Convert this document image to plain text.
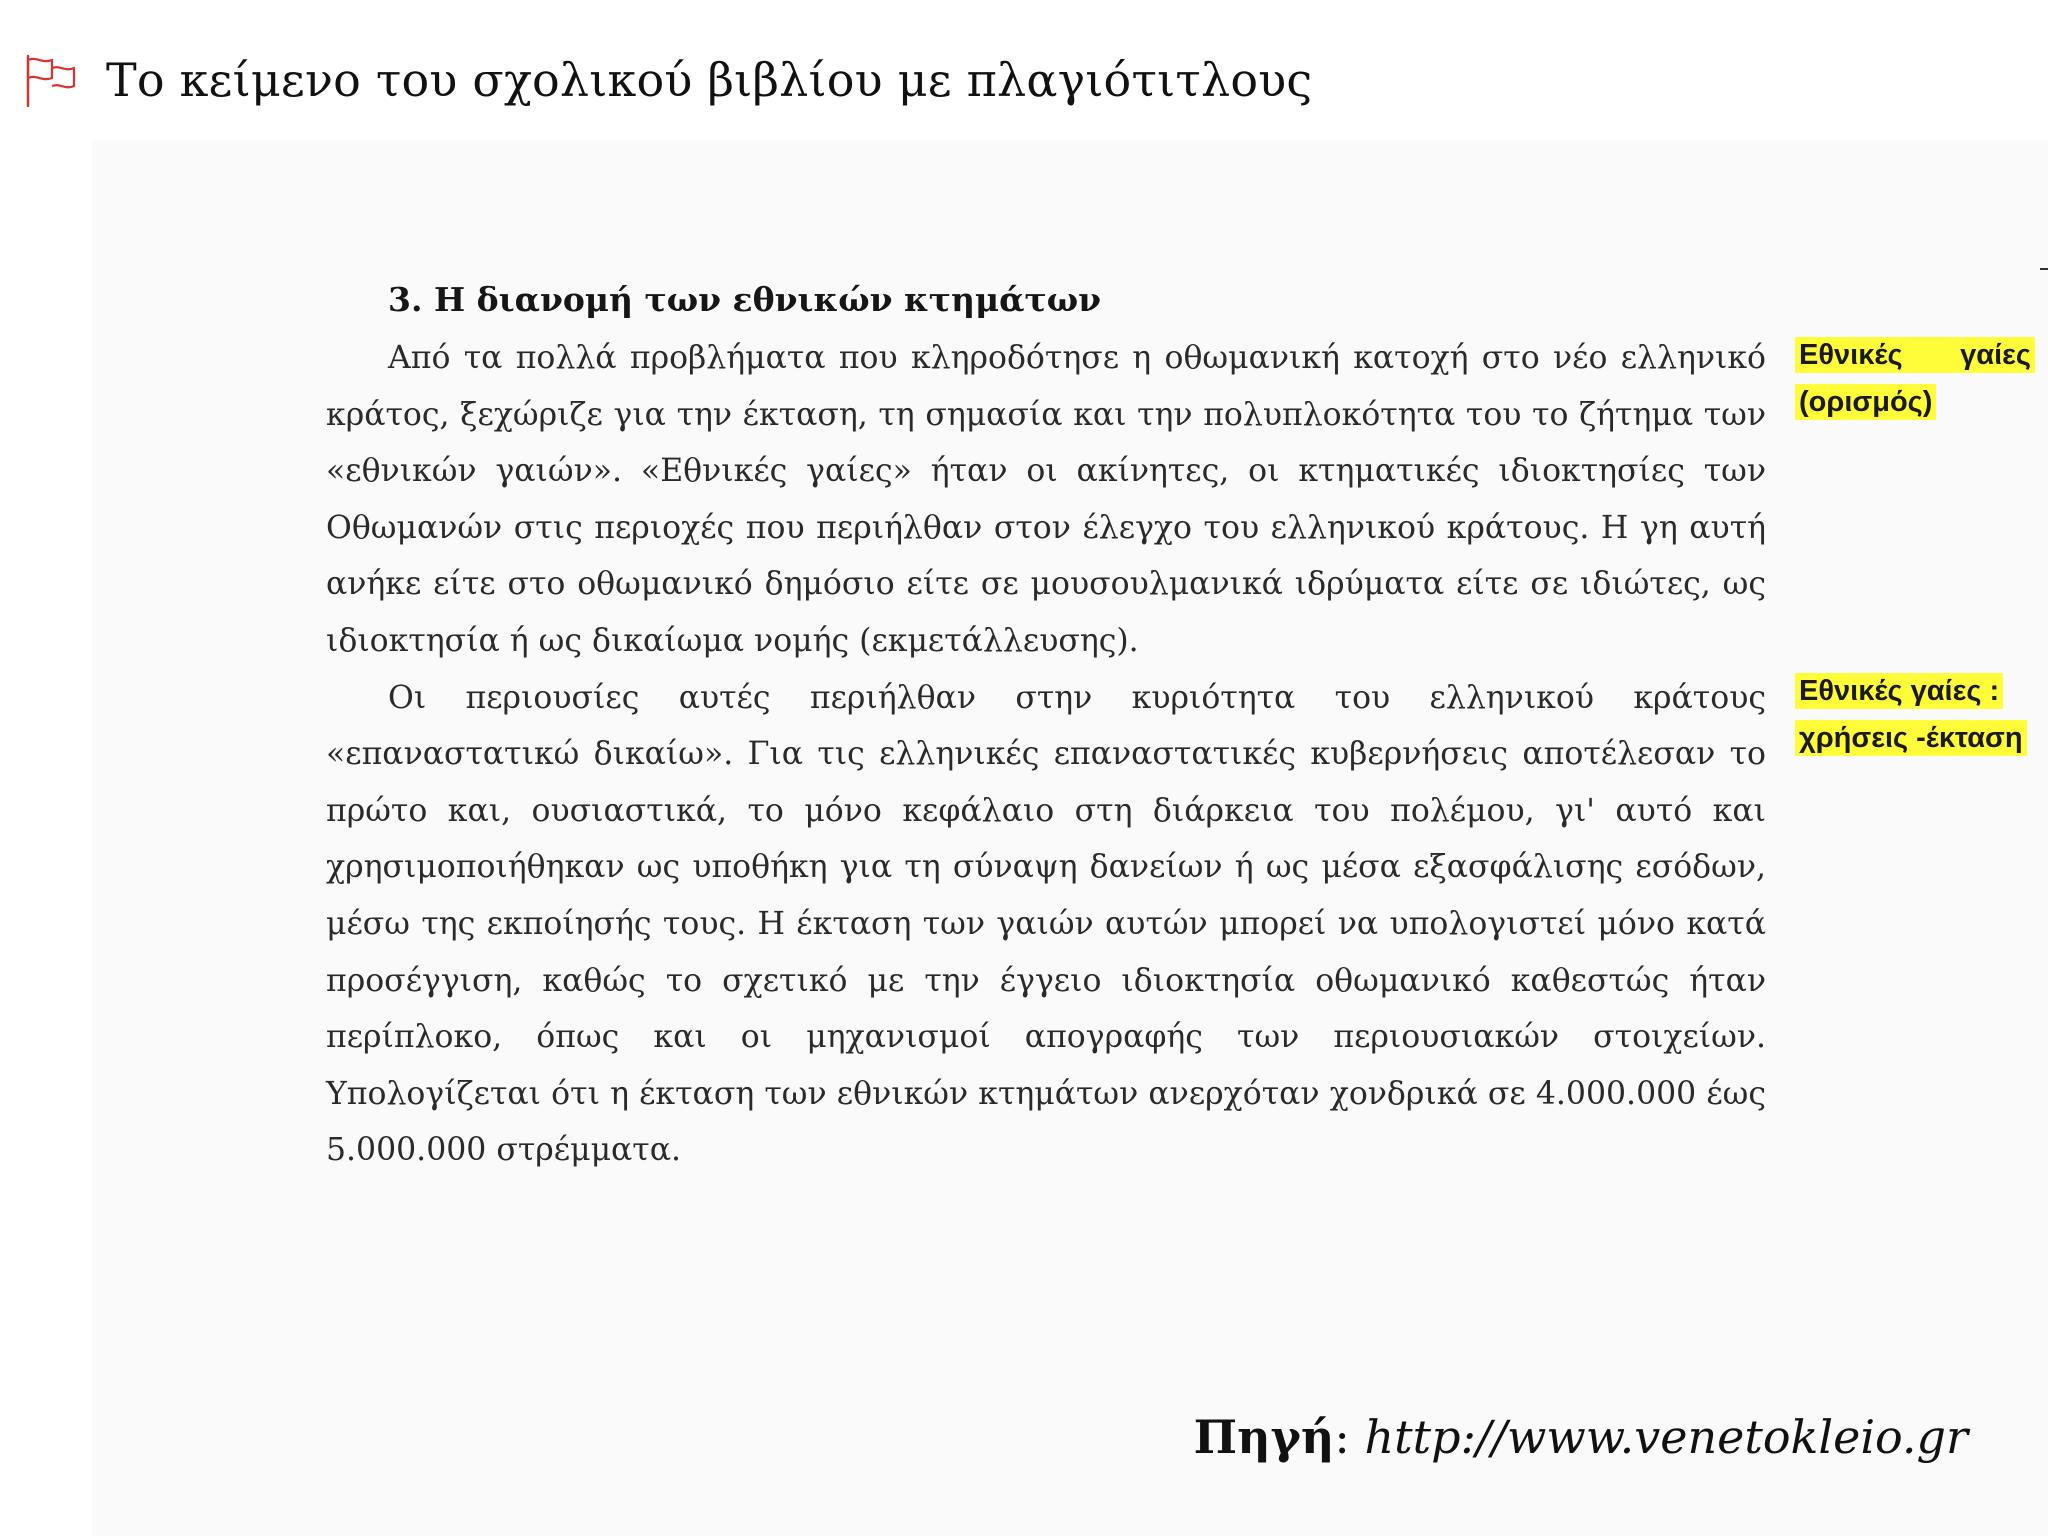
Το κείμενο του σχολικού βιβλίου με πλαγιότιτλους
3. Η διανομή των εθνικών κτημάτων

Από τα πολλά προβλήματα που κληροδότησε η οθωμανική κατοχή στο νέο ελληνικό κράτος, ξεχώριζε για την έκταση, τη σημασία και την πολυπλοκότητα του το ζήτημα των «εθνικών γαιών». «Εθνικές γαίες» ήταν οι ακίνητες, οι κτηματικές ιδιοκτησίες των Οθωμανών στις περιοχές που περιήλθαν στον έλεγχο του ελληνικού κράτους. Η γη αυτή ανήκε είτε στο οθωμανικό δημόσιο είτε σε μουσουλμανικά ιδρύματα είτε σε ιδιώτες, ως ιδιοκτησία ή ως δικαίωμα νομής (εκμετάλλευσης).

Οι περιουσίες αυτές περιήλθαν στην κυριότητα του ελληνικού κράτους «επαναστατικώ δικαίω». Για τις ελληνικές επαναστατικές κυβερνήσεις αποτέλεσαν το πρώτο και, ουσιαστικά, το μόνο κεφάλαιο στη διάρκεια του πολέμου, γι' αυτό και χρησιμοποιήθηκαν ως υποθήκη για τη σύναψη δανείων ή ως μέσα εξασφάλισης εσόδων, μέσω της εκποίησής τους. Η έκταση των γαιών αυτών μπορεί να υπολογιστεί μόνο κατά προσέγγιση, καθώς το σχετικό με την έγγειο ιδιοκτησία οθωμανικό καθεστώς ήταν περίπλοκο, όπως και οι μηχανισμοί απογραφής των περιουσιακών στοιχείων. Υπολογίζεται ότι η έκταση των εθνικών κτημάτων ανερχόταν χονδρικά σε 4.000.000 έως 5.000.000 στρέμματα.

Εθνικές γαίες
(ορισμός)
Εθνικές γαίες :
χρήσεις -έκταση
Πηγή: http://www.venetokleio.gr
